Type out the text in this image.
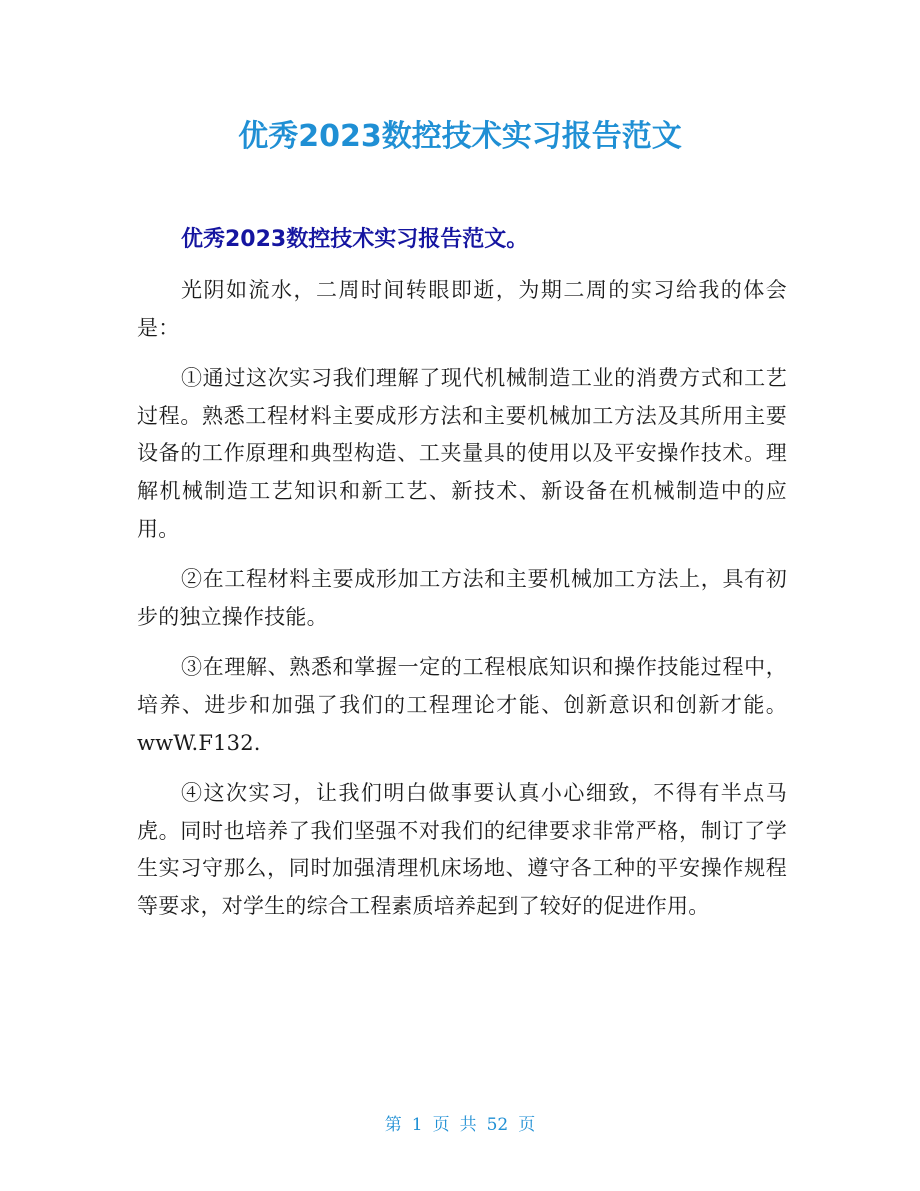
优秀2023数控技术实习报告范文

优秀2023数控技术实习报告范文。

光阴如流水，二周时间转眼即逝，为期二周的实习给我的体会是：

①通过这次实习我们理解了现代机械制造工业的消费方式和工艺过程。熟悉工程材料主要成形方法和主要机械加工方法及其所用主要设备的工作原理和典型构造、工夹量具的使用以及平安操作技术。理解机械制造工艺知识和新工艺、新技术、新设备在机械制造中的应用。

②在工程材料主要成形加工方法和主要机械加工方法上，具有初步的独立操作技能。

③在理解、熟悉和掌握一定的工程根底知识和操作技能过程中，培养、进步和加强了我们的工程理论才能、创新意识和创新才能。wwW.F132.

④这次实习，让我们明白做事要认真小心细致，不得有半点马虎。同时也培养了我们坚强不对我们的纪律要求非常严格，制订了学生实习守那么，同时加强清理机床场地、遵守各工种的平安操作规程等要求，对学生的综合工程素质培养起到了较好的促进作用。

第 1 页 共 52 页
